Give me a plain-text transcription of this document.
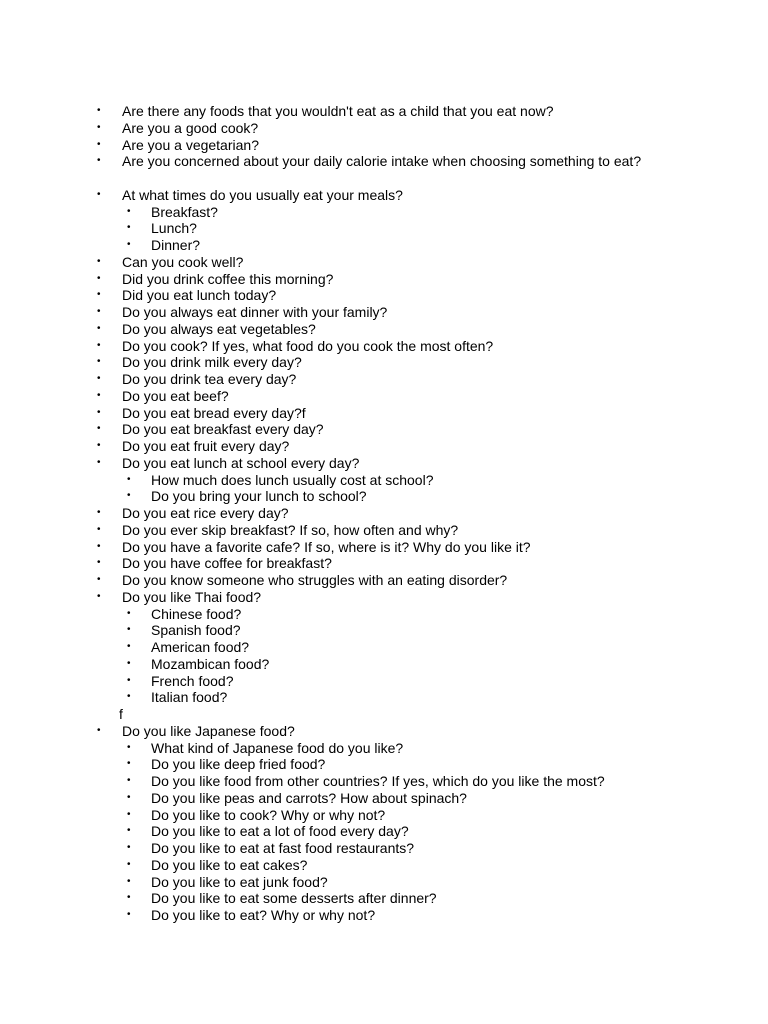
• Are there any foods that you wouldn't eat as a child that you eat now?
• Are you a good cook?
• Are you a vegetarian?
• Are you concerned about your daily calorie intake when choosing something to eat?
• At what times do you usually eat your meals?
• Breakfast?
• Lunch?
• Dinner?
• Can you cook well?
• Did you drink coffee this morning?
• Did you eat lunch today?
• Do you always eat dinner with your family?
• Do you always eat vegetables?
• Do you cook? If yes, what food do you cook the most often?
• Do you drink milk every day?
• Do you drink tea every day?
• Do you eat beef?
• Do you eat bread every day?f
• Do you eat breakfast every day?
• Do you eat fruit every day?
• Do you eat lunch at school every day?
• How much does lunch usually cost at school?
• Do you bring your lunch to school?
• Do you eat rice every day?
• Do you ever skip breakfast? If so, how often and why?
• Do you have a favorite cafe? If so, where is it? Why do you like it?
• Do you have coffee for breakfast?
• Do you know someone who struggles with an eating disorder?
• Do you like Thai food?
• Chinese food?
• Spanish food?
• American food?
• Mozambican food?
• French food?
• Italian food?
f
• Do you like Japanese food?
• What kind of Japanese food do you like?
• Do you like deep fried food?
• Do you like food from other countries? If yes, which do you like the most?
• Do you like peas and carrots? How about spinach?
• Do you like to cook? Why or why not?
• Do you like to eat a lot of food every day?
• Do you like to eat at fast food restaurants?
• Do you like to eat cakes?
• Do you like to eat junk food?
• Do you like to eat some desserts after dinner?
• Do you like to eat? Why or why not?
